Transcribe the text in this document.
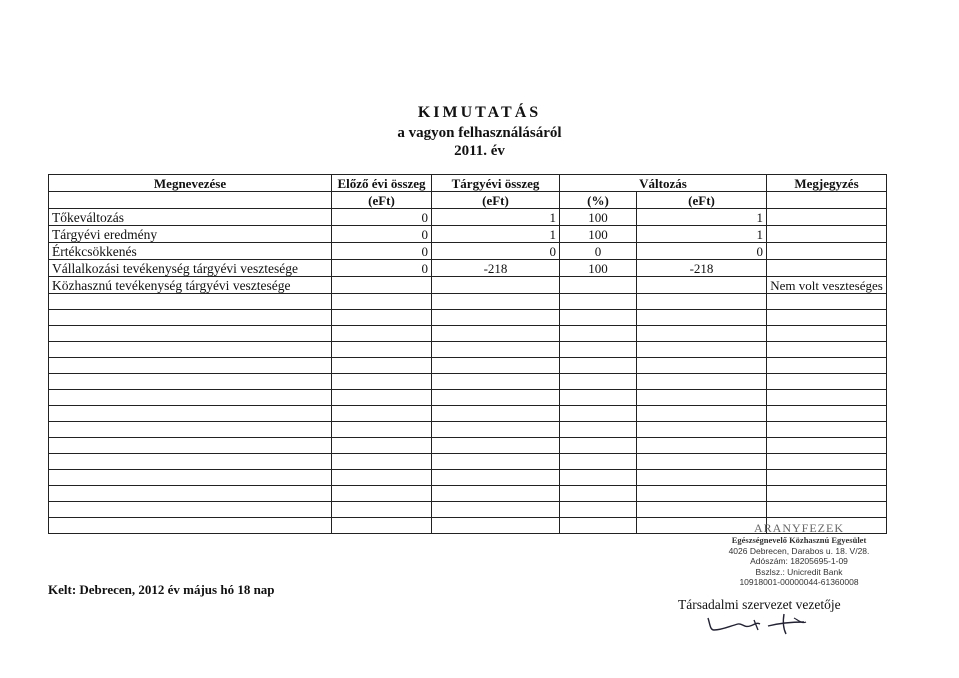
KIMUTATÁS
a vagyon felhasználásáról
2011. év
Megnevezése	Előző évi összeg	Tárgyévi összeg	Változás		Megjegyzés
	(eFt)	(eFt)	(%)	(eFt)	
Tőkeváltozás	0	1	100	1	
Tárgyévi eredmény	0	1	100	1	
Értékcsökkenés	0	0	0	0	
Vállalkozási tevékenység tárgyévi vesztesége	0	-218	100	-218	
Közhasznú tevékenység tárgyévi vesztesége					Nem volt veszteséges

Kelt: Debrecen, 2012 év május hó 18 nap
ARANYFEZEK
Egészségnevelő Közhasznú Egyesület
4026 Debrecen, Darabos u. 18. V/28.
Adószám: 18205695-1-09
Bszlsz.: Unicredit Bank
10918001-00000044-61360008
Társadalmi szervezet vezetője
